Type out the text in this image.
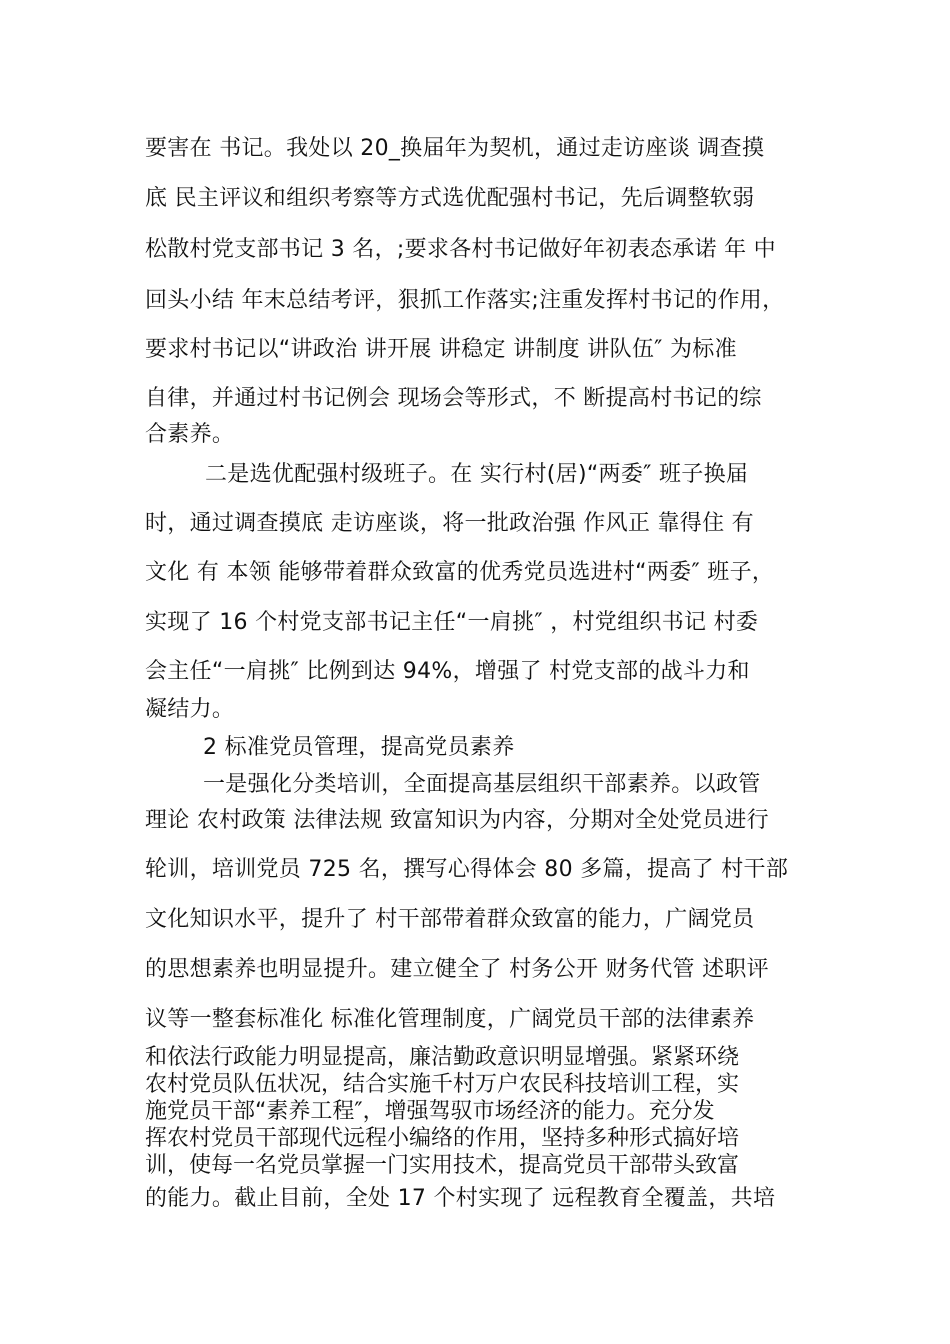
要害在 书记。我处以 20_换届年为契机，通过走访座谈 调查摸
底 民主评议和组织考察等方式选优配强村书记，先后调整软弱
松散村党支部书记 3 名，;要求各村书记做好年初表态承诺 年 中
回头小结 年末总结考评，狠抓工作落实;注重发挥村书记的作用，
要求村书记以“讲政治 讲开展 讲稳定 讲制度 讲队伍″ 为标准
自律，并通过村书记例会 现场会等形式，不 断提高村书记的综
合素养。
二是选优配强村级班子。在 实行村(居)“两委″ 班子换届
时，通过调查摸底 走访座谈，将一批政治强 作风正 靠得住 有
文化 有 本领 能够带着群众致富的优秀党员选进村“两委″ 班子，
实现了 16 个村党支部书记主任“一肩挑″ ，村党组织书记 村委
会主任“一肩挑″ 比例到达 94%，增强了 村党支部的战斗力和
凝结力。
2 标准党员管理，提高党员素养
一是强化分类培训，全面提高基层组织干部素养。以政管
理论 农村政策 法律法规 致富知识为内容，分期对全处党员进行
轮训，培训党员 725 名，撰写心得体会 80 多篇，提高了 村干部
文化知识水平，提升了 村干部带着群众致富的能力，广阔党员
的思想素养也明显提升。建立健全了 村务公开 财务代管 述职评
议等一整套标准化 标准化管理制度，广阔党员干部的法律素养
和依法行政能力明显提高，廉洁勤政意识明显增强。紧紧环绕
农村党员队伍状况，结合实施千村万户农民科技培训工程，实
施党员干部“素养工程″，增强驾驭市场经济的能力。充分发
挥农村党员干部现代远程小编络的作用，坚持多种形式搞好培
训，使每一名党员掌握一门实用技术，提高党员干部带头致富
的能力。截止目前，全处 17 个村实现了 远程教育全覆盖，共培
